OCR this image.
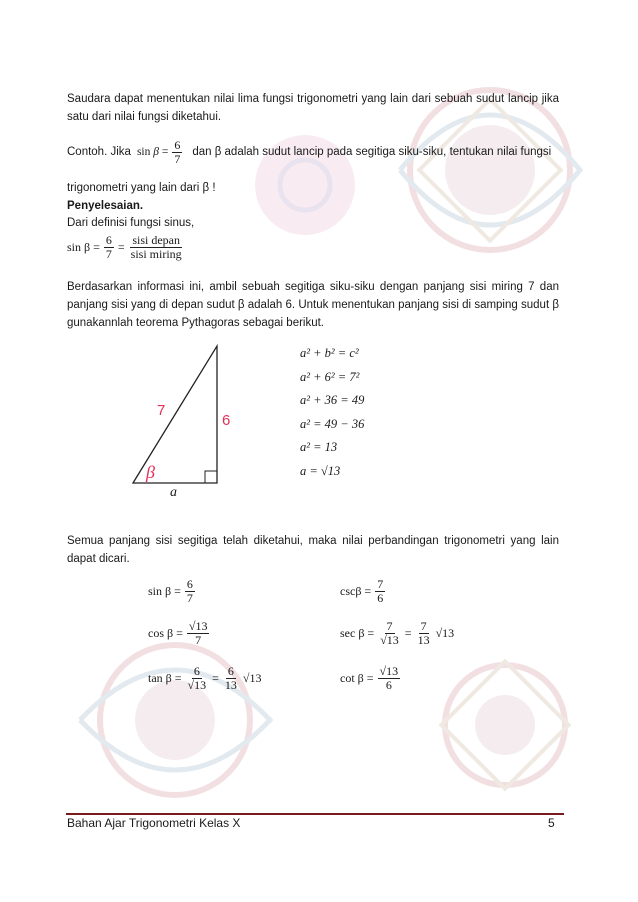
Saudara dapat menentukan nilai lima fungsi trigonometri yang lain dari sebuah sudut lancip jika satu dari nilai fungsi diketahui.
Contoh. Jika $\sin \beta = \frac{6}{7}$ dan β adalah sudut lancip pada segitiga siku-siku, tentukan nilai fungsi
trigonometri yang lain dari β !
Penyelesaian.
Dari definisi fungsi sinus,
$\sin \beta = \frac{6}{7} = \frac{\text{sisi depan}}{\text{sisi miring}}$
Berdasarkan informasi ini, ambil sebuah segitiga siku-siku dengan panjang sisi miring 7 dan panjang sisi yang di depan sudut β adalah 6. Untuk menentukan panjang sisi di samping sudut β gunakannlah teorema Pythagoras sebagai berikut.
7
6
β
a
a² + b² = c²
a² + 6² = 7²
a² + 36 = 49
a² = 49 − 36
a² = 13
a = √13
Semua panjang sisi segitiga telah diketahui, maka nilai perbandingan trigonometri yang lain dapat dicari.
$\sin \beta = \frac{6}{7}$
$\cos \beta = \frac{√13}{7}$
$\tan \beta = \frac{6}{√13} = \frac{6}{13} √13$
$\csc\beta = \frac{7}{6}$
$\sec \beta = \frac{7}{√13} = \frac{7}{13} √13$
$\cot \beta = \frac{√13}{6}$
Bahan Ajar Trigonometri Kelas X	5
